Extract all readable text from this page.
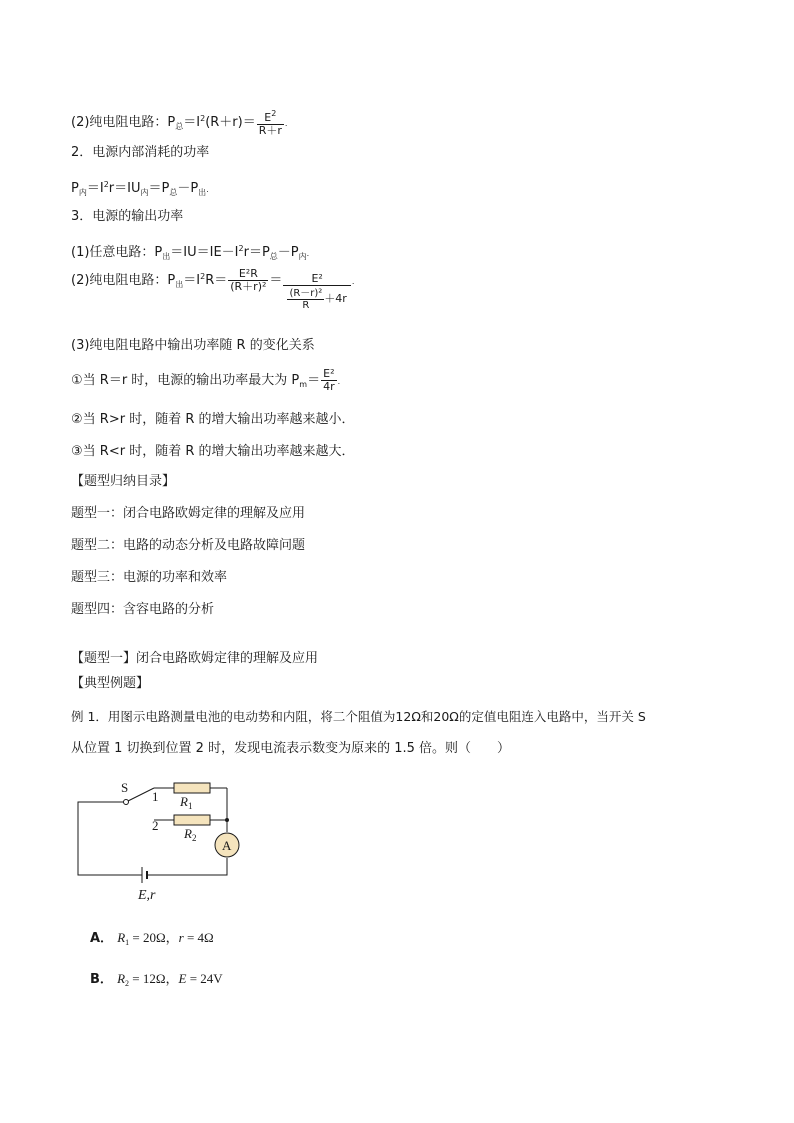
(2)纯电阻电路：$P_总=I^2(R+r)= \frac{E^2}{R+r}$ .
2．电源内部消耗的功率
$P_内=I^2r=IU_内=P_总-P_出$.
3．电源的输出功率
(1)任意电路：$P_出=IU=IE-I^2r=P_总-P_内$.
(2)纯电阻电路：$P_出=I^2R= \frac{\text{E²R}}{\text{(R＋r)²}} = \frac{\text{E²}}{\frac{\text{(R－r)²}}{R} +4r}$ .
(3)纯电阻电路中输出功率随 R 的变化关系
①当 R＝r 时，电源的输出功率最大为 $P_m= \frac{\text{E²}}{4r}$ .
②当 R>r 时，随着 R 的增大输出功率越来越小．
③当 R<r 时，随着 R 的增大输出功率越来越大．
【题型归纳目录】
题型一：闭合电路欧姆定律的理解及应用
题型二：电路的动态分析及电路故障问题
题型三：电源的功率和效率
题型四：含容电路的分析
【题型一】闭合电路欧姆定律的理解及应用
【典型例题】
例 1．用图示电路测量电池的电动势和内阻，将二个阻值为12Ω和20Ω的定值电阻连入电路中，当开关 S
从位置 1 切换到位置 2 时，发现电流表示数变为原来的 1.5 倍。则（　　）
S
1
2
$R_1$
$R_2$ A
E,r
A． $R_1 = 20\Omega$，r = 4Ω
B． $R_2 = 12\Omega$，E = 24V
